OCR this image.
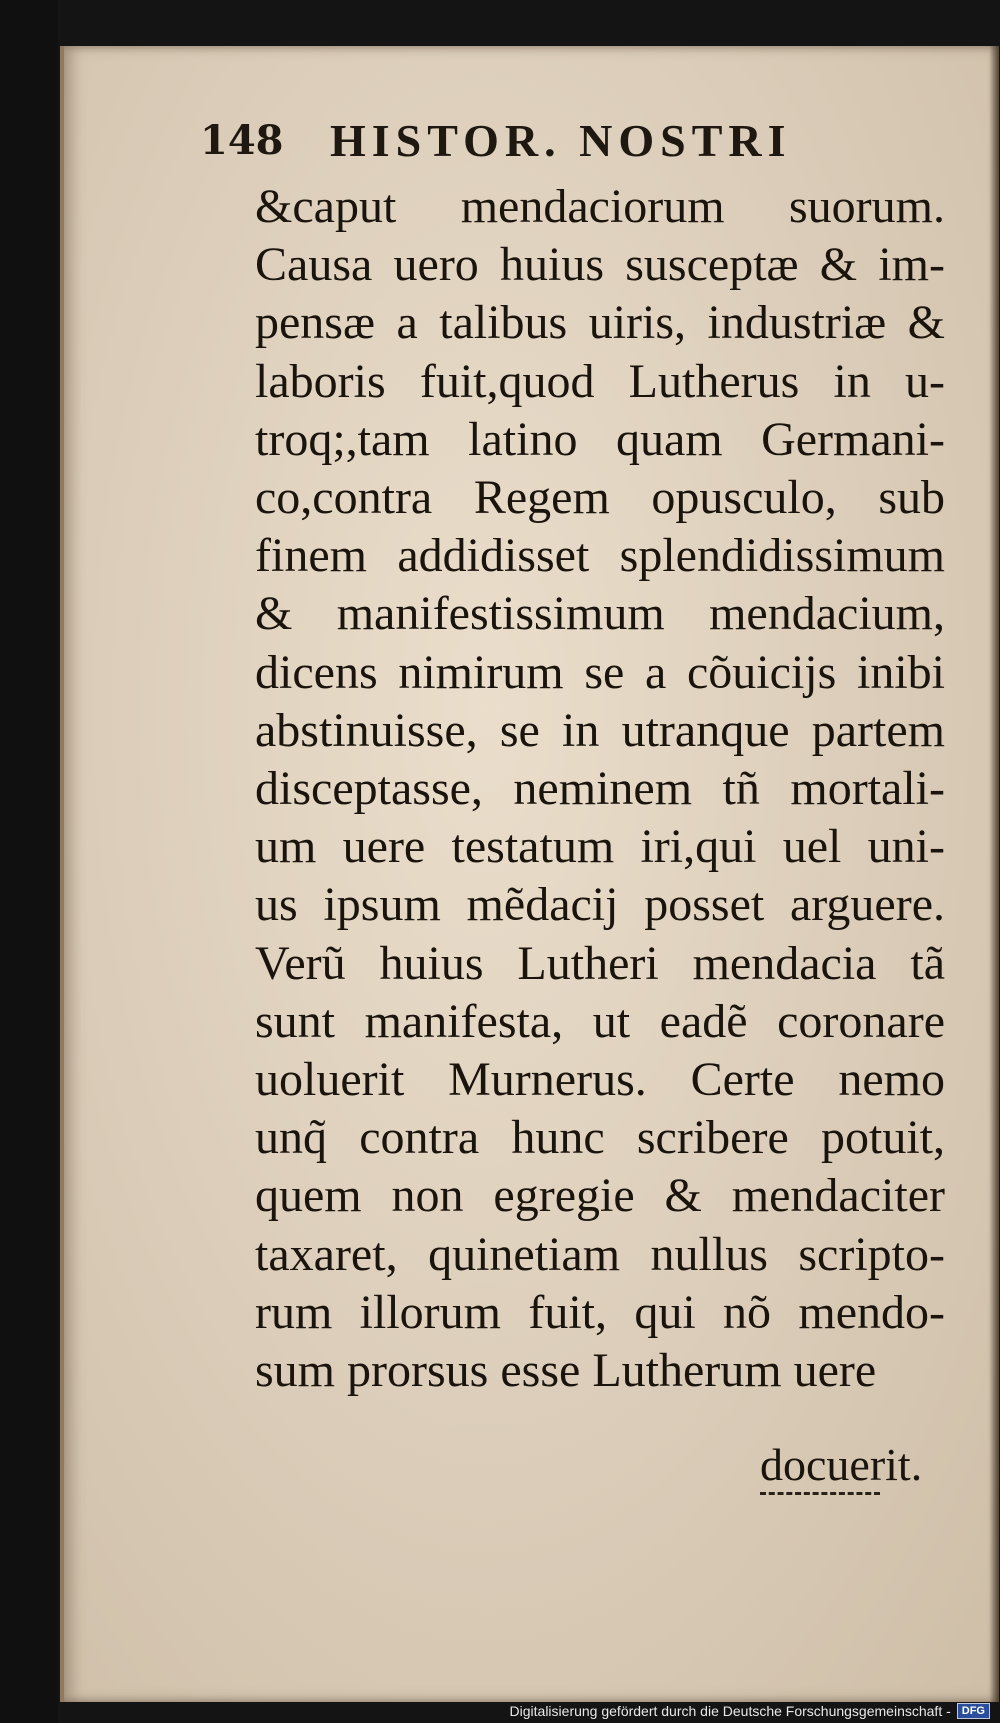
148	HISTOR. NOSTRI
&caput mendaciorum suorum.
Causa uero huius susceptæ & im-
pensæ a talibus uiris, industriæ &
laboris fuit,quod Lutherus in u-
troq;,tam latino quam Germani-
co,contra Regem opusculo, sub
finem addidisset splendidissimum
& manifestissimum mendacium,
dicens nimirum se a cõuicijs inibi
abstinuisse, se in utranque partem
disceptasse, neminem tñ mortali-
um uere testatum iri,qui uel uni-
us ipsum mẽdacij posset arguere.
Verũ huius Lutheri mendacia tã
sunt manifesta, ut eadẽ coronare
uoluerit Murnerus. Certe nemo
unq̃ contra hunc scribere potuit,
quem non egregie & mendaciter
taxaret, quinetiam nullus scripto-
rum illorum fuit, qui nõ mendo-
sum prorsus esse Lutherum uere
docuerit.
Digitalisierung gefördert durch die Deutsche Forschungsgemeinschaft -	DFG
